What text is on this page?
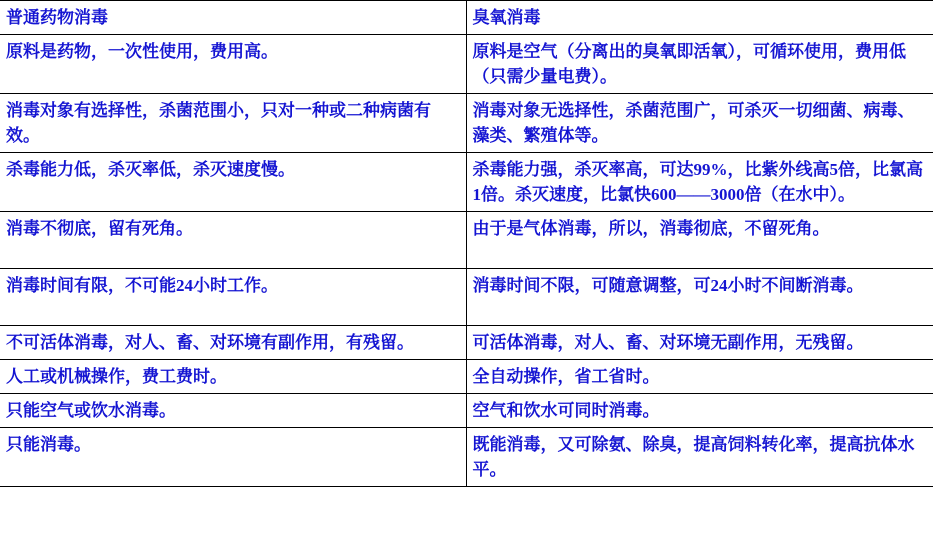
普通药物消毒	臭氧消毒
原料是药物，一次性使用，费用高。	原料是空气（分离出的臭氧即活氧），可循环使用，费用低（只需少量电费）。
消毒对象有选择性，杀菌范围小，只对一种或二种病菌有效。	消毒对象无选择性，杀菌范围广，可杀灭一切细菌、病毒、藻类、繁殖体等。
杀毒能力低，杀灭率低，杀灭速度慢。	杀毒能力强，杀灭率高，可达99%，比紫外线高5倍，比氯高1倍。杀灭速度，比氯快600——3000倍（在水中）。
消毒不彻底，留有死角。	由于是气体消毒，所以，消毒彻底，不留死角。
消毒时间有限，不可能24小时工作。	消毒时间不限，可随意调整，可24小时不间断消毒。
不可活体消毒，对人、畜、对环境有副作用，有残留。	可活体消毒，对人、畜、对环境无副作用，无残留。
人工或机械操作，费工费时。	全自动操作，省工省时。
只能空气或饮水消毒。	空气和饮水可同时消毒。
只能消毒。	既能消毒，又可除氨、除臭，提高饲料转化率，提高抗体水平。
